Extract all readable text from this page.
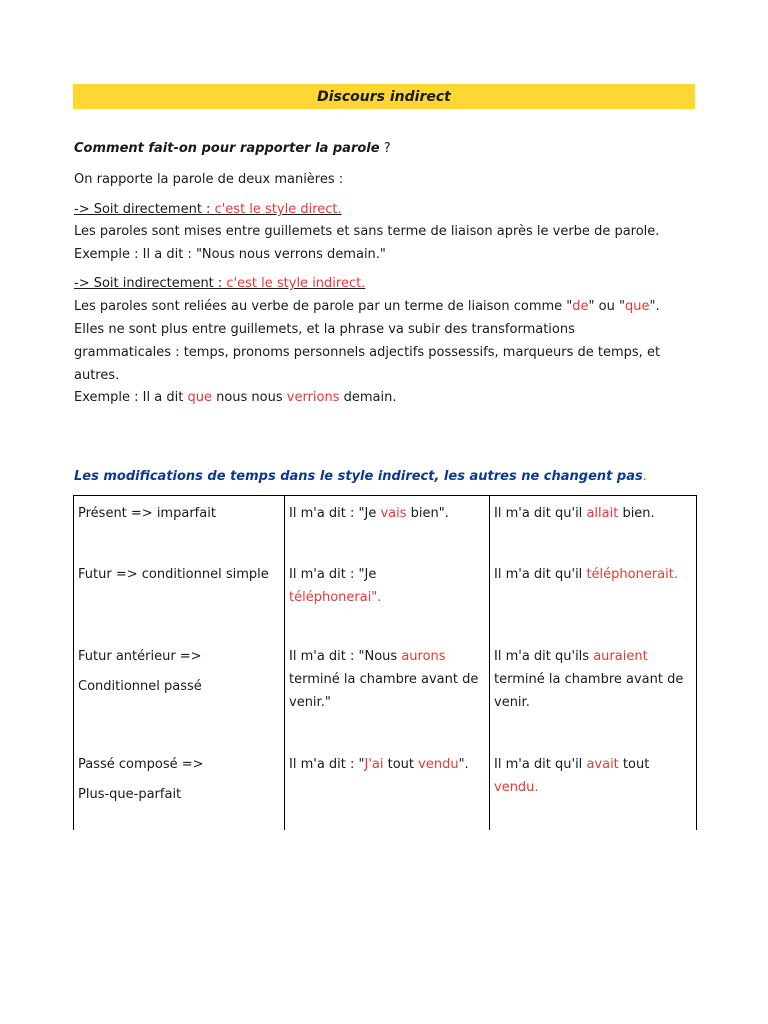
Discours indirect
Comment fait-on pour rapporter la parole ?
On rapporte la parole de deux manières :
-> Soit directement : c'est le style direct.
Les paroles sont mises entre guillemets et sans terme de liaison après le verbe de parole.
Exemple : Il a dit : "Nous nous verrons demain."
-> Soit indirectement : c'est le style indirect.
Les paroles sont reliées au verbe de parole par un terme de liaison comme "de" ou "que".
Elles ne sont plus entre guillemets, et la phrase va subir des transformations
grammaticales : temps, pronoms personnels adjectifs possessifs, marqueurs de temps, et
autres.
Exemple : Il a dit que nous nous verrions demain.
Les modifications de temps dans le style indirect, les autres ne changent pas.
Présent => imparfait	Il m'a dit : "Je vais bien".	Il m'a dit qu'il allait bien.
Futur => conditionnel simple	Il m'a dit : "Je
téléphonerai".	Il m'a dit qu'il téléphonerait.
Futur antérieur =>
Conditionnel passé	Il m'a dit : "Nous aurons terminé la chambre avant de venir."	Il m'a dit qu'ils auraient terminé la chambre avant de venir.
Passé composé =>
Plus-que-parfait	Il m'a dit : "J'ai tout vendu".	Il m'a dit qu'il avait tout
vendu.
